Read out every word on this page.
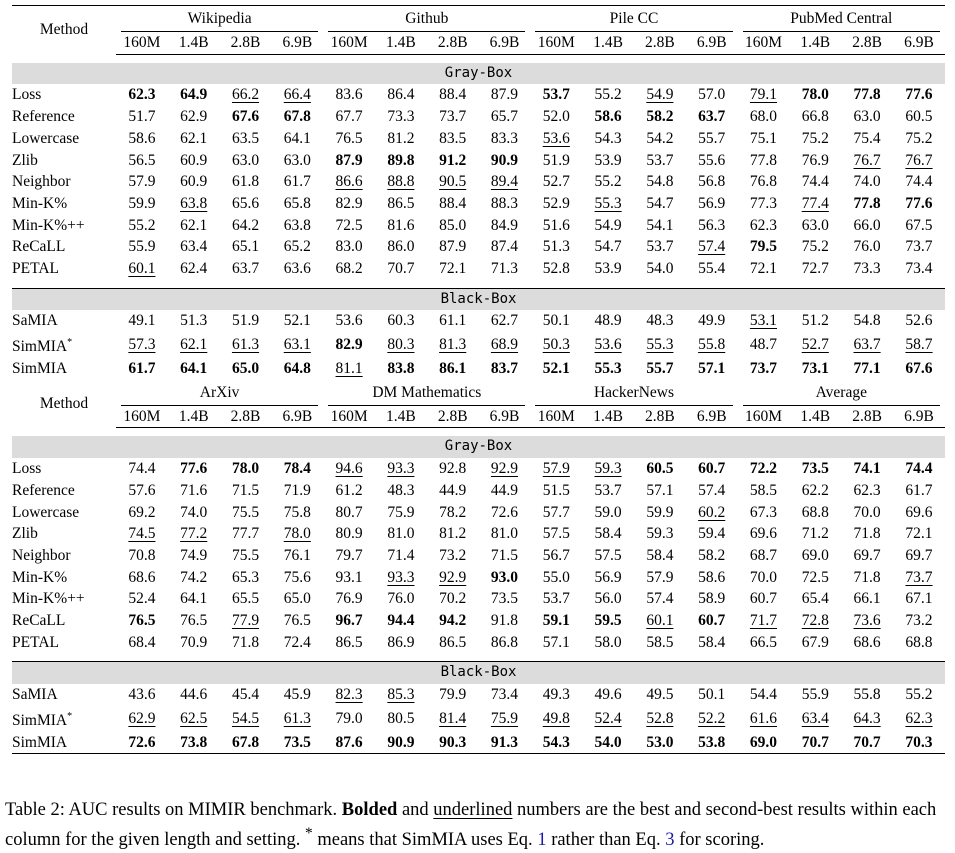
Method	Wikipedia				Github				Pile CC				PubMed Central			

	160M	1.4B	2.8B	6.9B	160M	1.4B	2.8B	6.9B	160M	1.4B	2.8B	6.9B	160M	1.4B	2.8B	6.9B

Gray-Box																
Loss	62.3	64.9	66.2	66.4	83.6	86.4	88.4	87.9	53.7	55.2	54.9	57.0	79.1	78.0	77.8	77.6
Reference	51.7	62.9	67.6	67.8	67.7	73.3	73.7	65.7	52.0	58.6	58.2	63.7	68.0	66.8	63.0	60.5
Lowercase	58.6	62.1	63.5	64.1	76.5	81.2	83.5	83.3	53.6	54.3	54.2	55.7	75.1	75.2	75.4	75.2
Zlib	56.5	60.9	63.0	63.0	87.9	89.8	91.2	90.9	51.9	53.9	53.7	55.6	77.8	76.9	76.7	76.7
Neighbor	57.9	60.9	61.8	61.7	86.6	88.8	90.5	89.4	52.7	55.2	54.8	56.8	76.8	74.4	74.0	74.4
Min-K%	59.9	63.8	65.6	65.8	82.9	86.5	88.4	88.3	52.9	55.3	54.7	56.9	77.3	77.4	77.8	77.6
Min-K%++	55.2	62.1	64.2	63.8	72.5	81.6	85.0	84.9	51.6	54.9	54.1	56.3	62.3	63.0	66.0	67.5
ReCaLL	55.9	63.4	65.1	65.2	83.0	86.0	87.9	87.4	51.3	54.7	53.7	57.4	79.5	75.2	76.0	73.7
PETAL	60.1	62.4	63.7	63.6	68.2	70.7	72.1	71.3	52.8	53.9	54.0	55.4	72.1	72.7	73.3	73.4

Black-Box																
SaMIA	49.1	51.3	51.9	52.1	53.6	60.3	61.1	62.7	50.1	48.9	48.3	49.9	53.1	51.2	54.8	52.6
SimMIA*	57.3	62.1	61.3	63.1	82.9	80.3	81.3	68.9	50.3	53.6	55.3	55.8	48.7	52.7	63.7	58.7
SimMIA	61.7	64.1	65.0	64.8	81.1	83.8	86.1	83.7	52.1	55.3	55.7	57.1	73.7	73.1	77.1	67.6
Method	ArXiv				DM Mathematics				HackerNews				Average			

	160M	1.4B	2.8B	6.9B	160M	1.4B	2.8B	6.9B	160M	1.4B	2.8B	6.9B	160M	1.4B	2.8B	6.9B

Gray-Box																
Loss	74.4	77.6	78.0	78.4	94.6	93.3	92.8	92.9	57.9	59.3	60.5	60.7	72.2	73.5	74.1	74.4
Reference	57.6	71.6	71.5	71.9	61.2	48.3	44.9	44.9	51.5	53.7	57.1	57.4	58.5	62.2	62.3	61.7
Lowercase	69.2	74.0	75.5	75.8	80.7	75.9	78.2	72.6	57.7	59.0	59.9	60.2	67.3	68.8	70.0	69.6
Zlib	74.5	77.2	77.7	78.0	80.9	81.0	81.2	81.0	57.5	58.4	59.3	59.4	69.6	71.2	71.8	72.1
Neighbor	70.8	74.9	75.5	76.1	79.7	71.4	73.2	71.5	56.7	57.5	58.4	58.2	68.7	69.0	69.7	69.7
Min-K%	68.6	74.2	65.3	75.6	93.1	93.3	92.9	93.0	55.0	56.9	57.9	58.6	70.0	72.5	71.8	73.7
Min-K%++	52.4	64.1	65.5	65.0	76.9	76.0	70.2	73.5	53.7	56.0	57.4	58.9	60.7	65.4	66.1	67.1
ReCaLL	76.5	76.5	77.9	76.5	96.7	94.4	94.2	91.8	59.1	59.5	60.1	60.7	71.7	72.8	73.6	73.2
PETAL	68.4	70.9	71.8	72.4	86.5	86.9	86.5	86.8	57.1	58.0	58.5	58.4	66.5	67.9	68.6	68.8

Black-Box																
SaMIA	43.6	44.6	45.4	45.9	82.3	85.3	79.9	73.4	49.3	49.6	49.5	50.1	54.4	55.9	55.8	55.2
SimMIA*	62.9	62.5	54.5	61.3	79.0	80.5	81.4	75.9	49.8	52.4	52.8	52.2	61.6	63.4	64.3	62.3
SimMIA	72.6	73.8	67.8	73.5	87.6	90.9	90.3	91.3	54.3	54.0	53.0	53.8	69.0	70.7	70.7	70.3

Table 2: AUC results on MIMIR benchmark. Bolded and underlined numbers are the best and second-best results within each column for the given length and setting. * means that SimMIA uses Eq. 1 rather than Eq. 3 for scoring.
